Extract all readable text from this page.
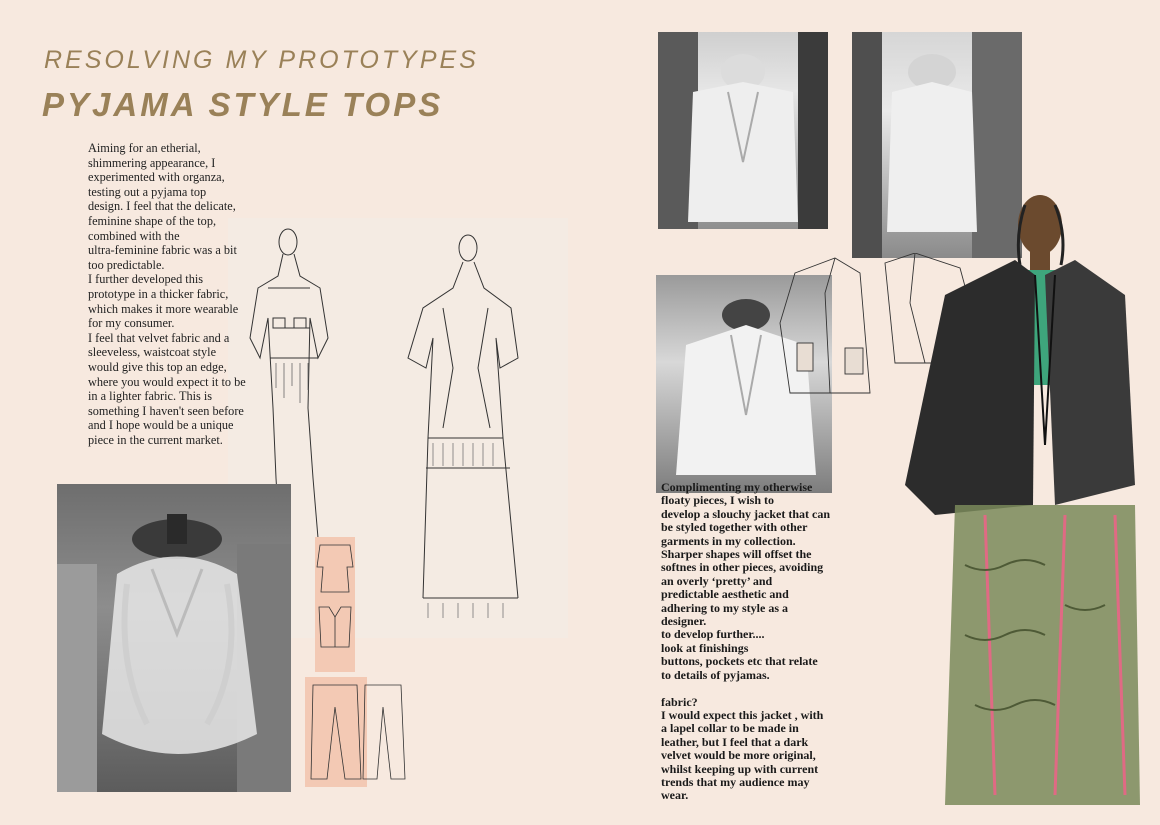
RESOLVING MY PROTOTYPES
PYJAMA STYLE TOPS
Aiming for an etherial,
shimmering appearance, I
experimented with organza,
testing out a pyjama top
design. I feel that the delicate,
feminine shape of the top,
combined with the
ultra-feminine fabric was a bit
too predictable.
I further developed this
prototype in a thicker fabric,
which makes it more wearable
for my consumer.
I feel that velvet fabric and a
sleeveless, waistcoat style
would give this top an edge,
where you would expect it to be
in a lighter fabric. This is
something I haven't seen before
and I hope would be a unique
piece in the current market.
Complimenting my otherwise
floaty pieces, I wish to
develop a slouchy jacket that can
be styled together with other
garments in my collection.
Sharper shapes will offset the
softnes in other pieces, avoiding
an overly ‘pretty’ and
predictable aesthetic and
adhering to my style as a
designer.
to develop further....
look at finishings
buttons, pockets etc that relate
to details of pyjamas.

fabric?
I would expect this jacket , with
a lapel collar to be made in
leather, but I feel that a dark
velvet would be more original,
whilst keeping up with current
trends that my audience may
wear.
